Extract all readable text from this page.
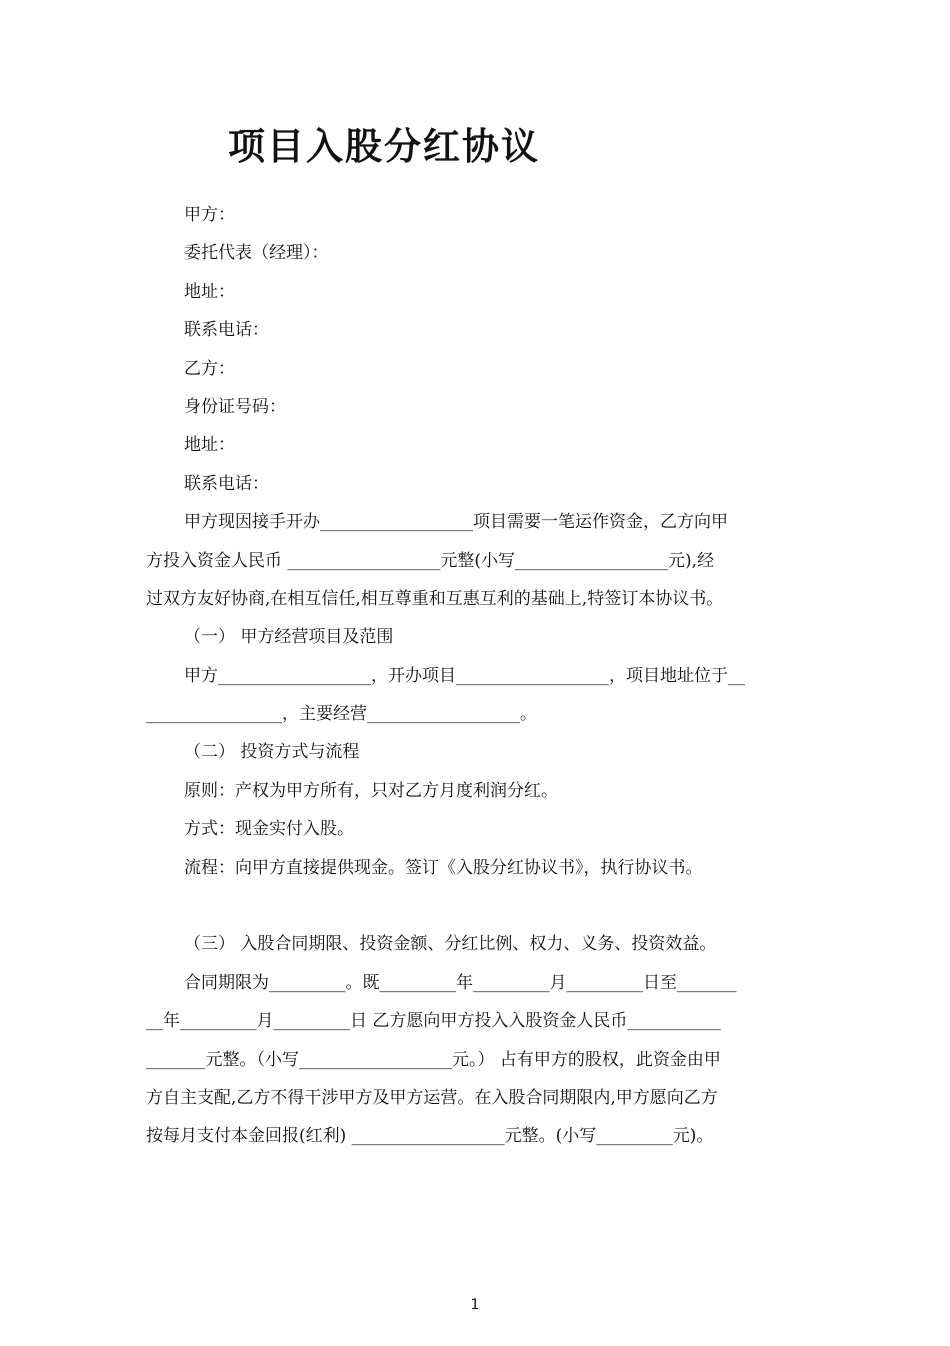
项目入股分红协议
甲方：
委托代表（经理）：
地址：
联系电话：
乙方：
身份证号码：
地址：
联系电话：
甲方现因接手开办__________________项目需要一笔运作资金，乙方向甲
方投入资金人民币 __________________元整(小写__________________元),经
过双方友好协商,在相互信任,相互尊重和互惠互利的基础上,特签订本协议书。
（一） 甲方经营项目及范围
甲方__________________，开办项目__________________，项目地址位于__
________________，主要经营__________________。
（二） 投资方式与流程
原则：产权为甲方所有，只对乙方月度利润分红。
方式：现金实付入股。
流程：向甲方直接提供现金。签订《入股分红协议书》，执行协议书。
（三） 入股合同期限、投资金额、分红比例、权力、义务、投资效益。
合同期限为_________。既_________年_________月_________日至_______
__年_________月_________日 乙方愿向甲方投入入股资金人民币___________
_______元整。（小写__________________元。） 占有甲方的股权，此资金由甲
方自主支配,乙方不得干涉甲方及甲方运营。在入股合同期限内,甲方愿向乙方
按每月支付本金回报(红利) __________________元整。(小写_________元)。
1
